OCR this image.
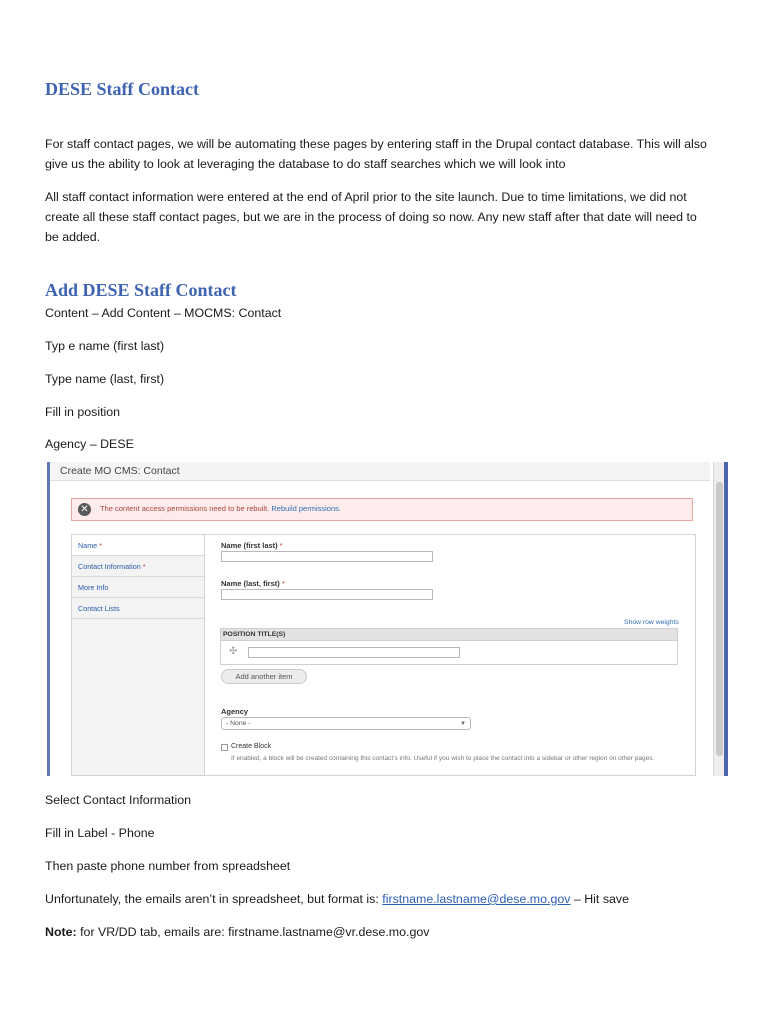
DESE Staff Contact
For staff contact pages, we will be automating these pages by entering staff in the Drupal contact database. This will also
give us the ability to look at leveraging the database to do staff searches which we will look into
All staff contact information were entered at the end of April prior to the site launch. Due to time limitations, we did not
create all these staff contact pages, but we are in the process of doing so now. Any new staff after that date will need to
be added.
Add DESE Staff Contact
Content – Add Content – MOCMS: Contact
Typ e name (first last)
Type name (last, first)
Fill in position
Agency – DESE
Create MO CMS: Contact
✕	The content access permissions need to be rebuilt. Rebuild permissions.
Name *
Contact Information *
More Info
Contact Lists
Name (first last) *
Name (last, first) *
Show row weights
POSITION TITLE(S)
✣
Add another item
Agency
- None -	▼
Create Block
If enabled, a block will be created containing this contact's info. Useful if you wish to place the contact into a sidebar or other region on other pages.
Select Contact Information
Fill in Label - Phone
Then paste phone number from spreadsheet
Unfortunately, the emails aren’t in spreadsheet, but format is: firstname.lastname@dese.mo.gov – Hit save
Note: for VR/DD tab, emails are: firstname.lastname@vr.dese.mo.gov
